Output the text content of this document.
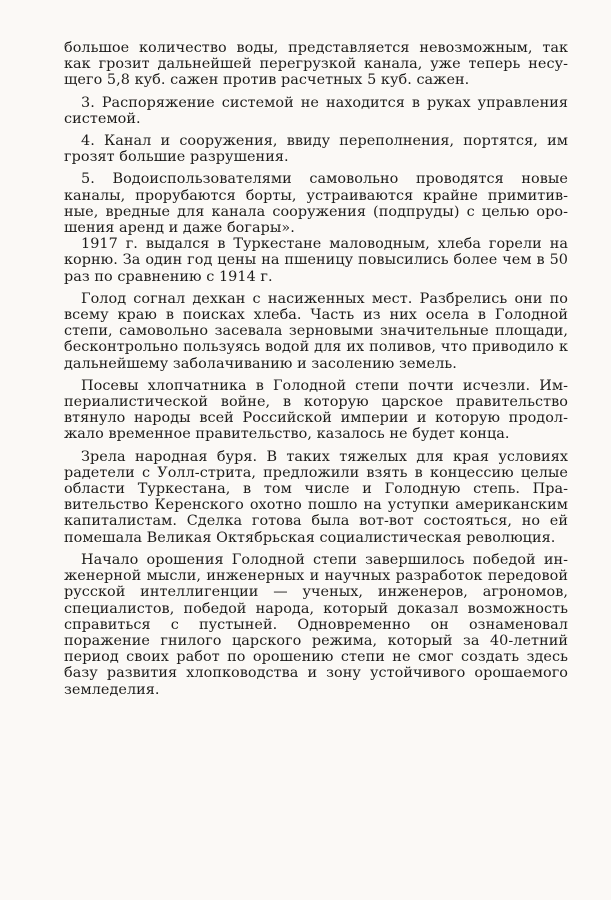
большое количество воды, представляется невозможным, так как грозит дальнейшей перегрузкой канала, уже теперь несущего 5,8 куб. сажен против расчетных 5 куб. сажен.

3. Распоряжение системой не находится в руках управления системой.

4. Канал и сооружения, ввиду переполнения, портятся, им грозят большие разрушения.

5. Водоиспользователями самовольно проводятся новые каналы, прорубаются борты, устраиваются крайне примитивные, вредные для канала сооружения (подпруды) с целью орошения аренд и даже богары».

1917 г. выдался в Туркестане маловодным, хлеба горели на корню. За один год цены на пшеницу повысились более чем в 50 раз по сравнению с 1914 г.

Голод согнал дехкан с насиженных мест. Разбрелись они по всему краю в поисках хлеба. Часть из них осела в Голодной степи, самовольно засевала зерновыми значительные площади, бесконтрольно пользуясь водой для их поливов, что приводило к дальнейшему заболачиванию и засолению земель.

Посевы хлопчатника в Голодной степи почти исчезли. Империалистической войне, в которую царское правительство втянуло народы всей Российской империи и которую продолжало временное правительство, казалось не будет конца.

Зрела народная буря. В таких тяжелых для края условиях радетели с Уолл-стрита, предложили взять в концессию целые области Туркестана, в том числе и Голодную степь. Правительство Керенского охотно пошло на уступки американским капиталистам. Сделка готова была вот-вот состояться, но ей помешала Великая Октябрьская социалистическая революция.

Начало орошения Голодной степи завершилось победой инженерной мысли, инженерных и научных разработок передовой русской интеллигенции — ученых, инженеров, агрономов, специалистов, победой народа, который доказал возможность справиться с пустыней. Одновременно он ознаменовал поражение гнилого царского режима, который за 40-летний период своих работ по орошению степи не смог создать здесь базу развития хлопководства и зону устойчивого орошаемого земледелия.
